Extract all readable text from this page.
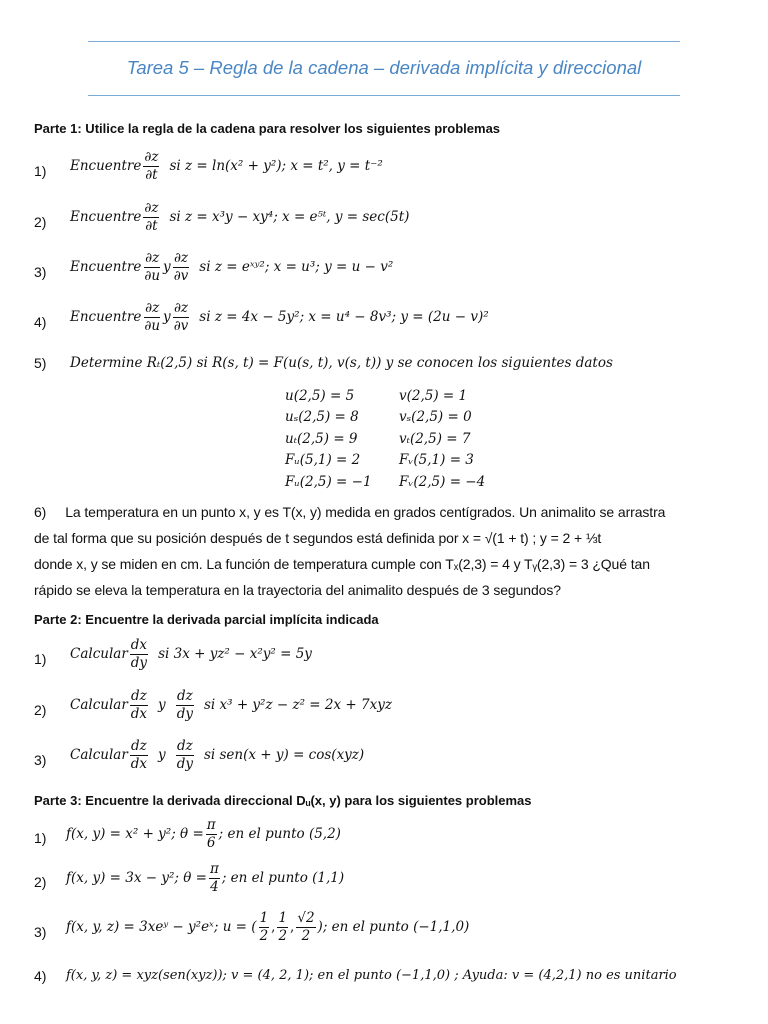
Tarea 5 – Regla de la cadena – derivada implícita y direccional
Parte 1: Utilice la regla de la cadena para resolver los siguientes problemas
1) Encuentre $\frac{\partial z}{\partial t}$ si z = ln(x² + y²); x = t², y = t⁻²
2) Encuentre $\frac{\partial z}{\partial t}$ si z = x³y − xy⁴; x = e⁵ᵗ, y = sec(5t)
3) Encuentre $\frac{\partial z}{\partial u}$ y $\frac{\partial z}{\partial v}$ si z = eˣʸ²; x = u³; y = u − v²
4) Encuentre $\frac{\partial z}{\partial u}$ y $\frac{\partial z}{\partial v}$ si z = 4x − 5y²; x = u⁴ − 8v³; y = (2u − v)²
5) Determine Rₜ(2,5) si R(s, t) = F(u(s, t), v(s, t)) y se conocen los siguientes datos
u(2,5) = 5	v(2,5) = 1
uₛ(2,5) = 8	vₛ(2,5) = 0
uₜ(2,5) = 9	vₜ(2,5) = 7
Fᵤ(5,1) = 2	Fᵥ(5,1) = 3
Fᵤ(2,5) = −1	Fᵥ(2,5) = −4
6) La temperatura en un punto x, y es T(x, y) medida en grados centígrados. Un animalito se arrastra
de tal forma que su posición después de t segundos está definida por x = √(1 + t) ; y = 2 + ⅓t
donde x, y se miden en cm. La función de temperatura cumple con Tₓ(2,3) = 4 y Tᵧ(2,3) = 3 ¿Qué tan
rápido se eleva la temperatura en la trayectoria del animalito después de 3 segundos?
Parte 2: Encuentre la derivada parcial implícita indicada
1) Calcular $\frac{dx}{dy}$ si 3x + yz² − x²y² = 5y
2) Calcular $\frac{dz}{dx}$ y $\frac{dz}{dy}$ si x³ + y²z − z² = 2x + 7xyz
3) Calcular $\frac{dz}{dx}$ y $\frac{dz}{dy}$ si sen(x + y) = cos(xyz)
Parte 3: Encuentre la derivada direccional Dᵤ(x, y) para los siguientes problemas
1) f(x, y) = x² + y²; $\theta = \frac{\pi}{6}$ ; en el punto (5,2)
2) f(x, y) = 3x − y²; $\theta = \frac{\pi}{4}$ ; en el punto (1,1)
3) f(x, y, z) = 3xeʸ − y²eˣ; u = ( $\frac{1}{2}$ , $\frac{1}{2}$ , $\frac{√2}{2}$ ); en el punto (−1,1,0)
4) f(x, y, z) = xyz(sen(xyz)); v = (4, 2, 1); en el punto (−1,1,0) ; Ayuda: v = (4,2,1) no es unitario
